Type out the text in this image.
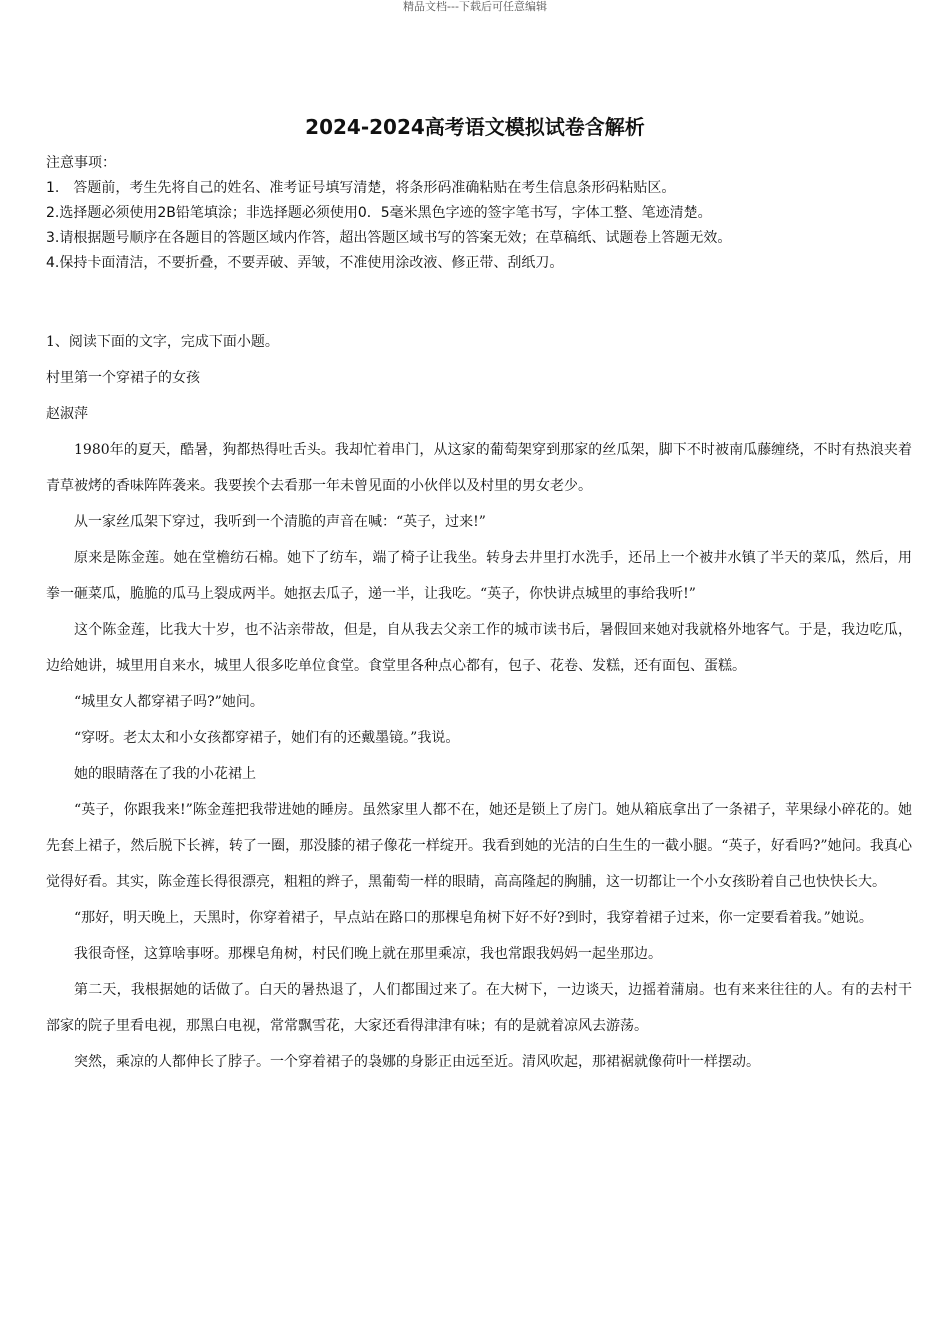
精品文档---下载后可任意编辑
2024-2024高考语文模拟试卷含解析
注意事项：
1.　答题前，考生先将自己的姓名、准考证号填写清楚，将条形码准确粘贴在考生信息条形码粘贴区。
2.选择题必须使用2B铅笔填涂；非选择题必须使用0．5毫米黑色字迹的签字笔书写，字体工整、笔迹清楚。
3.请根据题号顺序在各题目的答题区域内作答，超出答题区域书写的答案无效；在草稿纸、试题卷上答题无效。
4.保持卡面清洁，不要折叠，不要弄破、弄皱，不准使用涂改液、修正带、刮纸刀。

1、阅读下面的文字，完成下面小题。

村里第一个穿裙子的女孩

赵淑萍

1980年的夏天，酷暑，狗都热得吐舌头。我却忙着串门，从这家的葡萄架穿到那家的丝瓜架，脚下不时被南瓜藤缠绕，不时有热浪夹着青草被烤的香味阵阵袭来。我要挨个去看那一年未曾见面的小伙伴以及村里的男女老少。

从一家丝瓜架下穿过，我听到一个清脆的声音在喊：“英子，过来!”

原来是陈金莲。她在堂檐纺石棉。她下了纺车，端了椅子让我坐。转身去井里打水洗手，还吊上一个被井水镇了半天的菜瓜，然后，用拳一砸菜瓜，脆脆的瓜马上裂成两半。她抠去瓜子，递一半，让我吃。“英子，你快讲点城里的事给我听!”

这个陈金莲，比我大十岁，也不沾亲带故，但是，自从我去父亲工作的城市读书后，暑假回来她对我就格外地客气。于是，我边吃瓜，边给她讲，城里用自来水，城里人很多吃单位食堂。食堂里各种点心都有，包子、花卷、发糕，还有面包、蛋糕。

“城里女人都穿裙子吗?”她问。

“穿呀。老太太和小女孩都穿裙子，她们有的还戴墨镜。”我说。

她的眼睛落在了我的小花裙上

“英子，你跟我来!”陈金莲把我带进她的睡房。虽然家里人都不在，她还是锁上了房门。她从箱底拿出了一条裙子，苹果绿小碎花的。她先套上裙子，然后脱下长裤，转了一圈，那没膝的裙子像花一样绽开。我看到她的光洁的白生生的一截小腿。“英子，好看吗?”她问。我真心觉得好看。其实，陈金莲长得很漂亮，粗粗的辫子，黑葡萄一样的眼睛，高高隆起的胸脯，这一切都让一个小女孩盼着自己也快快长大。

“那好，明天晚上，天黑时，你穿着裙子，早点站在路口的那棵皂角树下好不好?到时，我穿着裙子过来，你一定要看着我。”她说。

我很奇怪，这算啥事呀。那棵皂角树，村民们晚上就在那里乘凉，我也常跟我妈妈一起坐那边。

第二天，我根据她的话做了。白天的暑热退了，人们都围过来了。在大树下，一边谈天，边摇着蒲扇。也有来来往往的人。有的去村干部家的院子里看电视，那黑白电视，常常飘雪花，大家还看得津津有味；有的是就着凉风去游荡。

突然，乘凉的人都伸长了脖子。一个穿着裙子的袅娜的身影正由远至近。清风吹起，那裙裾就像荷叶一样摆动。
